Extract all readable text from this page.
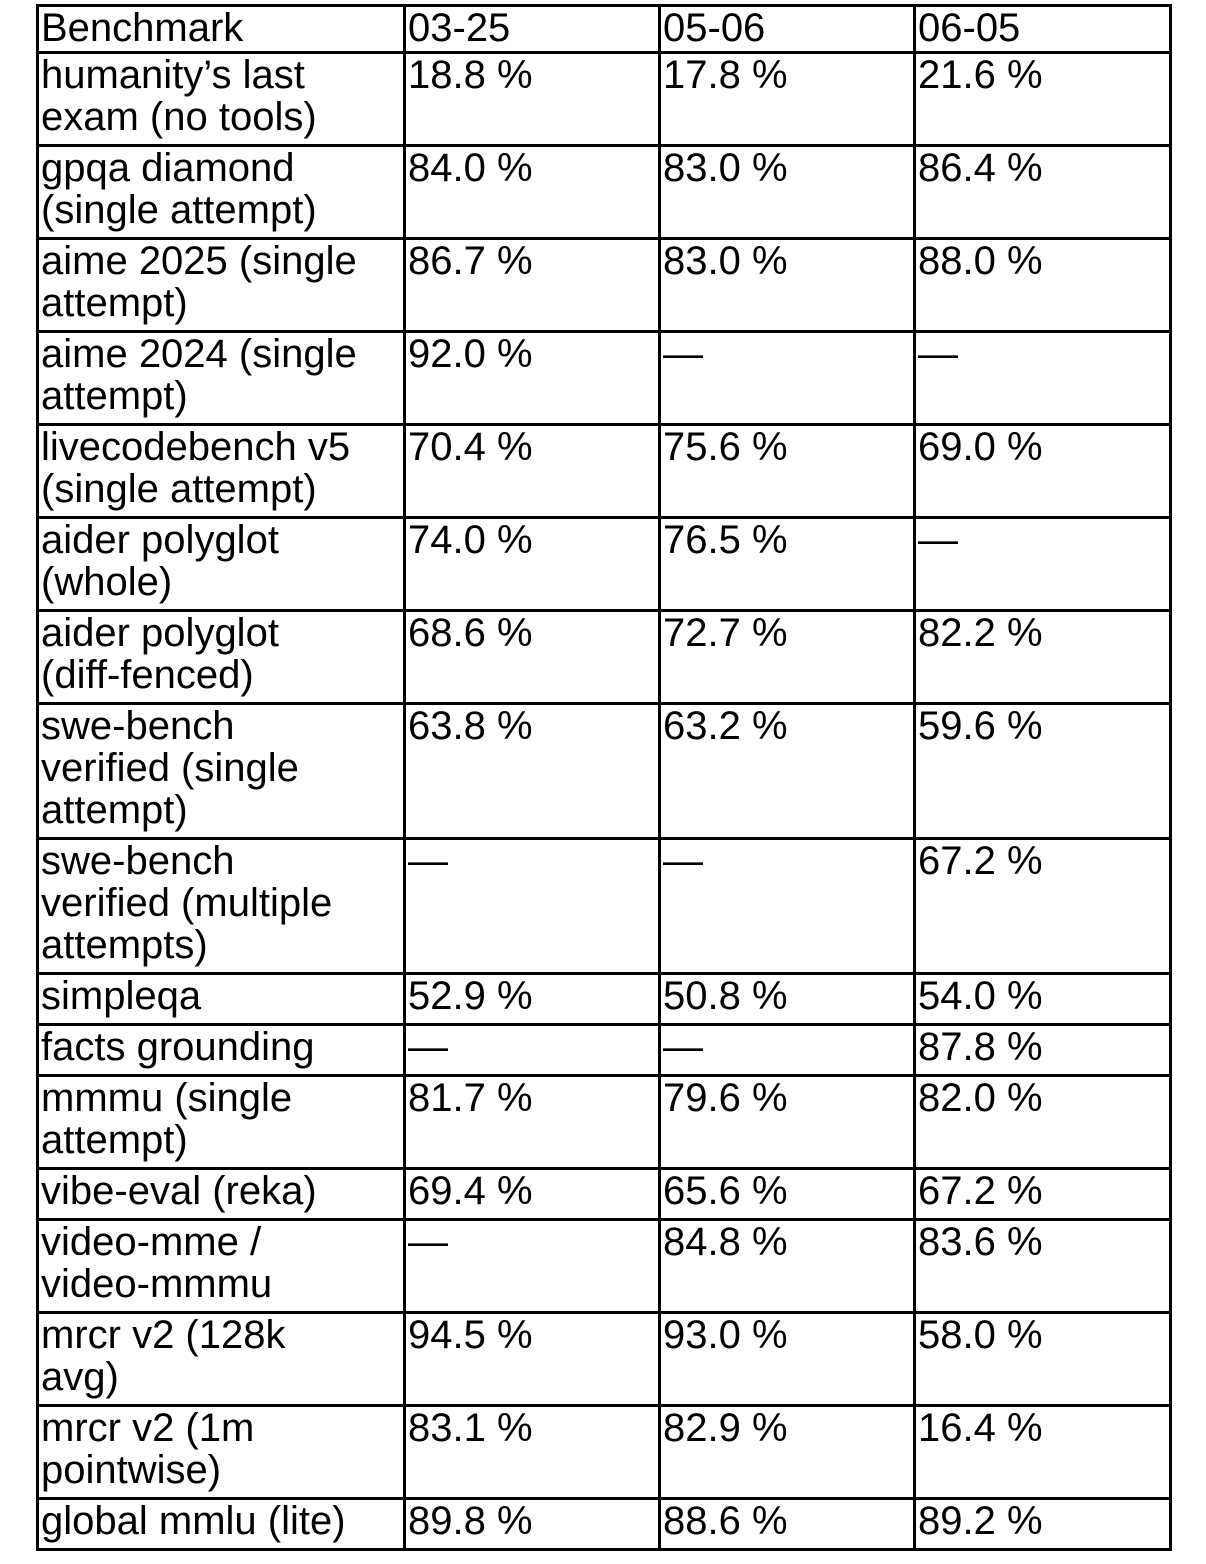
Benchmark	03-25	05-06	06-05
humanity’s last
exam (no tools)	18.8 %	17.8 %	21.6 %
gpqa diamond
(single attempt)	84.0 %	83.0 %	86.4 %
aime 2025 (single
attempt)	86.7 %	83.0 %	88.0 %
aime 2024 (single
attempt)	92.0 %	—	—
livecodebench v5
(single attempt)	70.4 %	75.6 %	69.0 %
aider polyglot
(whole)	74.0 %	76.5 %	—
aider polyglot
(diff-fenced)	68.6 %	72.7 %	82.2 %
swe-bench
verified (single
attempt)	63.8 %	63.2 %	59.6 %
swe-bench
verified (multiple
attempts)	—	—	67.2 %
simpleqa	52.9 %	50.8 %	54.0 %
facts grounding	—	—	87.8 %
mmmu (single
attempt)	81.7 %	79.6 %	82.0 %
vibe-eval (reka)	69.4 %	65.6 %	67.2 %
video-mme /
video-mmmu	—	84.8 %	83.6 %
mrcr v2 (128k
avg)	94.5 %	93.0 %	58.0 %
mrcr v2 (1m
pointwise)	83.1 %	82.9 %	16.4 %
global mmlu (lite)	89.8 %	88.6 %	89.2 %
